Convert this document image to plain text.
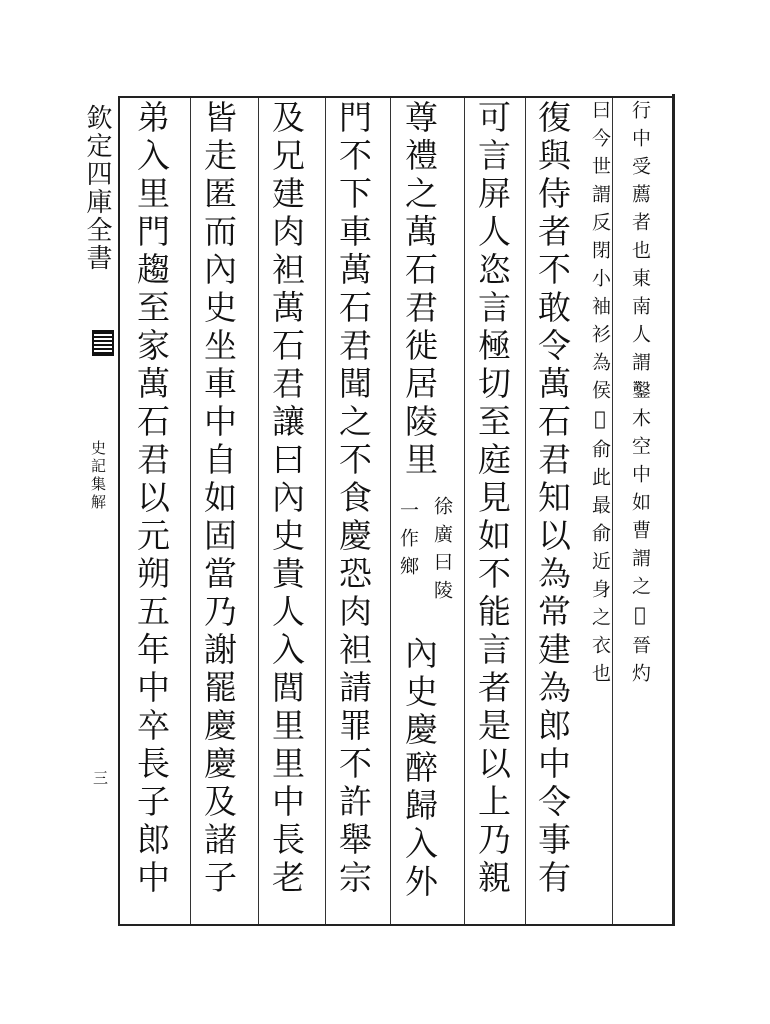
欽定四庫全書
史記集解
三
行中受薦者也東南人謂鑿木空中如曹謂之𥨊晉灼
曰今世謂反閉小袖衫為侯𥨊俞此最俞近身之衣也
復與侍者不敢令萬石君知以為常建為郎中令事有
可言屏人恣言極切至庭見如不能言者是以上乃親
尊禮之萬石君徙居陵里
徐廣曰陵
一作鄉
內史慶醉歸入外
門不下車萬石君聞之不食慶恐肉袒請罪不許舉宗
及兄建肉袒萬石君讓曰內史貴人入閭里里中長老
皆走匿而內史坐車中自如固當乃謝罷慶慶及諸子
弟入里門趨至家萬石君以元朔五年中卒長子郎中
